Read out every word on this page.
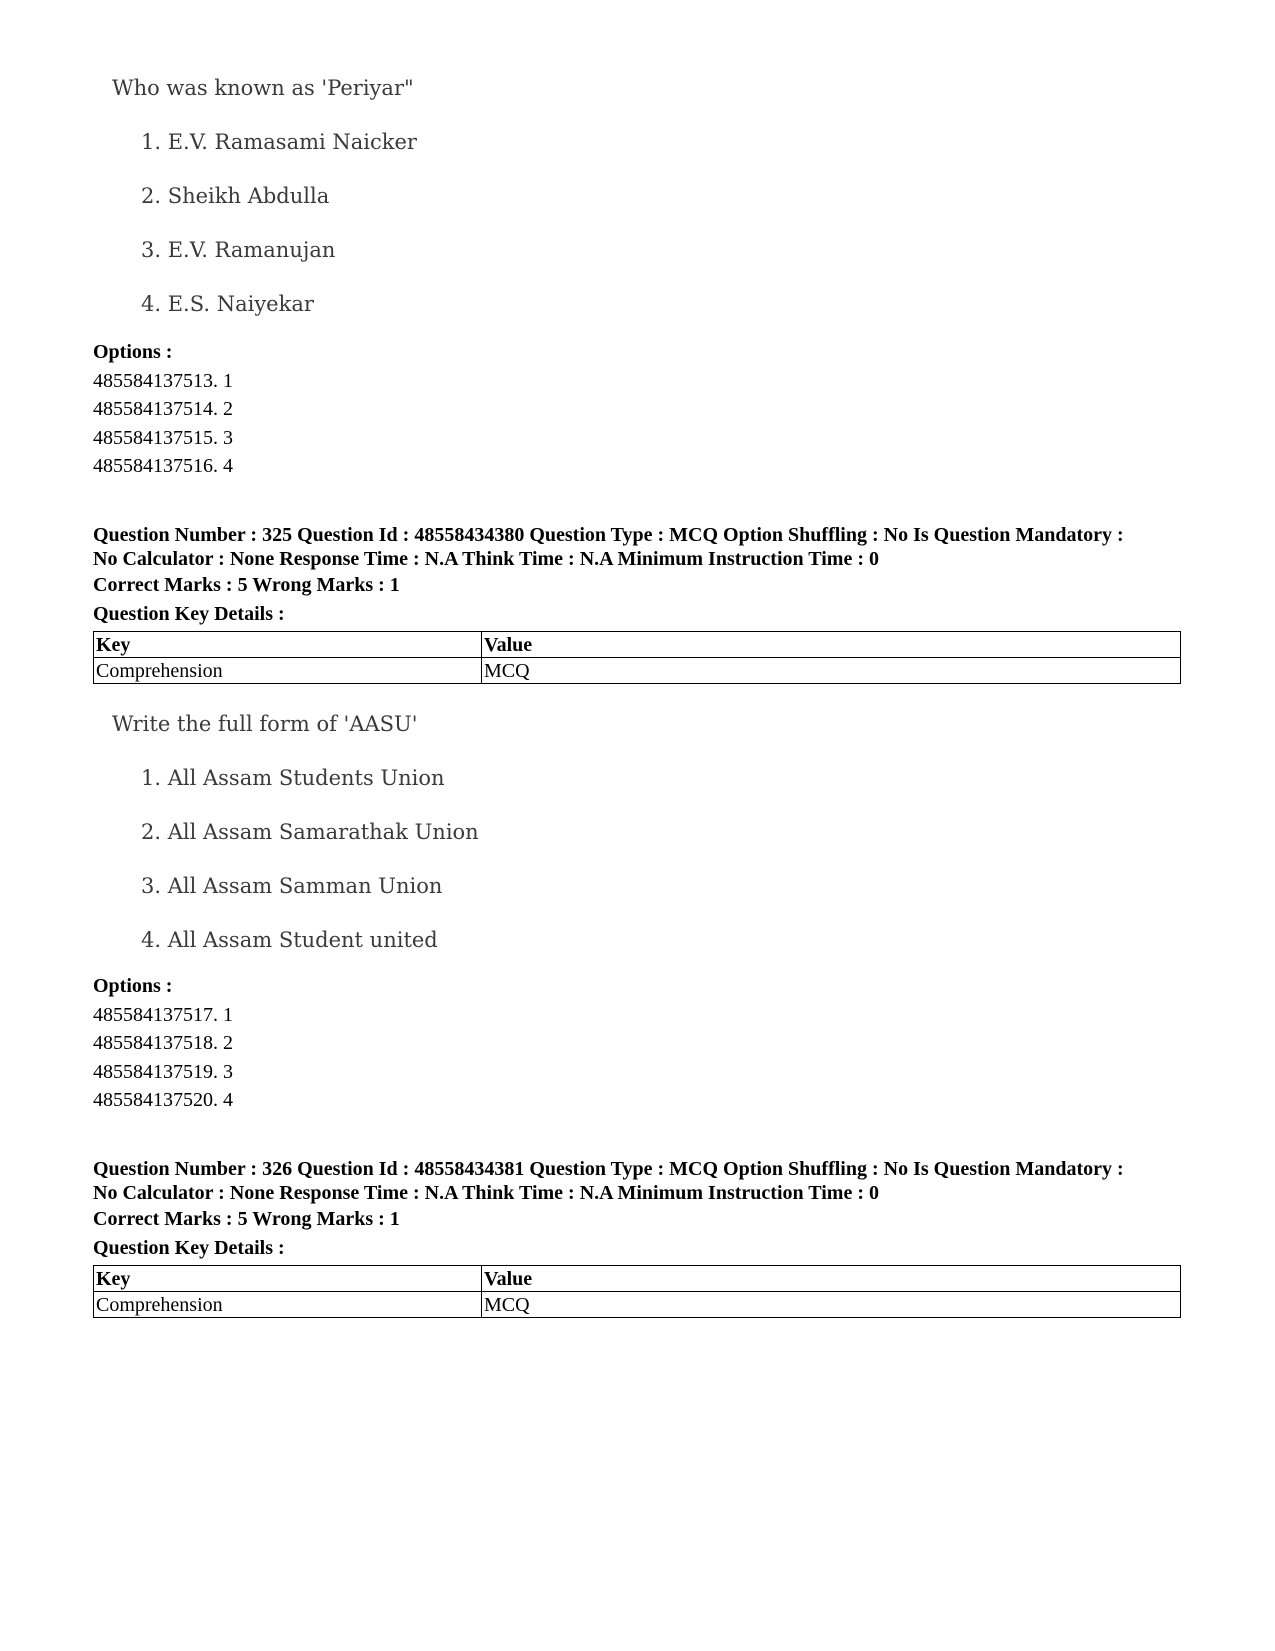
Who was known as 'Periyar"
1. E.V. Ramasami Naicker
2. Sheikh Abdulla
3. E.V. Ramanujan
4. E.S. Naiyekar
Options :
485584137513. 1
485584137514. 2
485584137515. 3
485584137516. 4
Question Number : 325 Question Id : 48558434380 Question Type : MCQ Option Shuffling : No Is Question Mandatory :
No Calculator : None Response Time : N.A Think Time : N.A Minimum Instruction Time : 0
Correct Marks : 5 Wrong Marks : 1
Question Key Details :
Key	Value
Comprehension	MCQ
Write the full form of 'AASU'
1. All Assam Students Union
2. All Assam Samarathak Union
3. All Assam Samman Union
4. All Assam Student united
Options :
485584137517. 1
485584137518. 2
485584137519. 3
485584137520. 4
Question Number : 326 Question Id : 48558434381 Question Type : MCQ Option Shuffling : No Is Question Mandatory :
No Calculator : None Response Time : N.A Think Time : N.A Minimum Instruction Time : 0
Correct Marks : 5 Wrong Marks : 1
Question Key Details :
Key	Value
Comprehension	MCQ
